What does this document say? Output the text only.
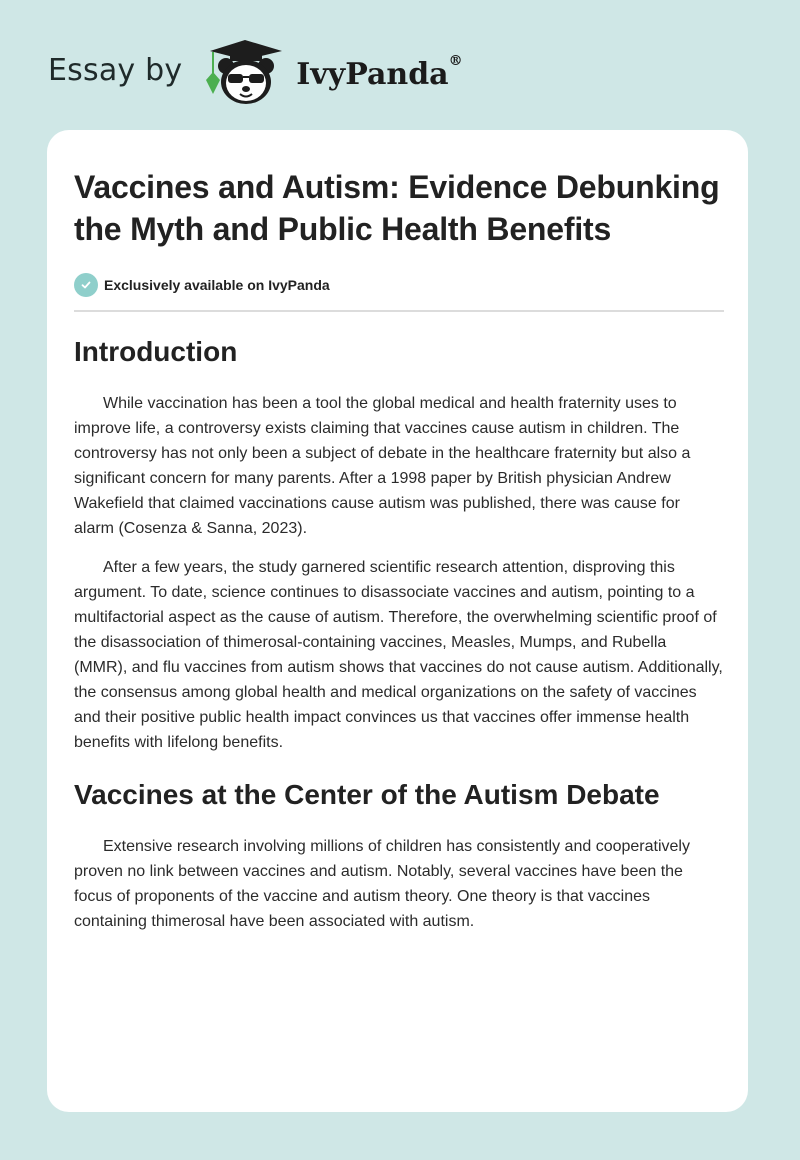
Essay by	IvyPanda®
Vaccines and Autism: Evidence Debunking the Myth and Public Health Benefits
Exclusively available on IvyPanda
Introduction

While vaccination has been a tool the global medical and health fraternity uses to improve life, a controversy exists claiming that vaccines cause autism in children. The controversy has not only been a subject of debate in the healthcare fraternity but also a significant concern for many parents. After a 1998 paper by British physician Andrew Wakefield that claimed vaccinations cause autism was published, there was cause for alarm (Cosenza & Sanna, 2023).

After a few years, the study garnered scientific research attention, disproving this argument. To date, science continues to disassociate vaccines and autism, pointing to a multifactorial aspect as the cause of autism. Therefore, the overwhelming scientific proof of the disassociation of thimerosal-containing vaccines, Measles, Mumps, and Rubella (MMR), and flu vaccines from autism shows that vaccines do not cause autism. Additionally, the consensus among global health and medical organizations on the safety of vaccines and their positive public health impact convinces us that vaccines offer immense health benefits with lifelong benefits.

Vaccines at the Center of the Autism Debate

Extensive research involving millions of children has consistently and cooperatively proven no link between vaccines and autism. Notably, several vaccines have been the focus of proponents of the vaccine and autism theory. One theory is that vaccines containing thimerosal have been associated with autism.
